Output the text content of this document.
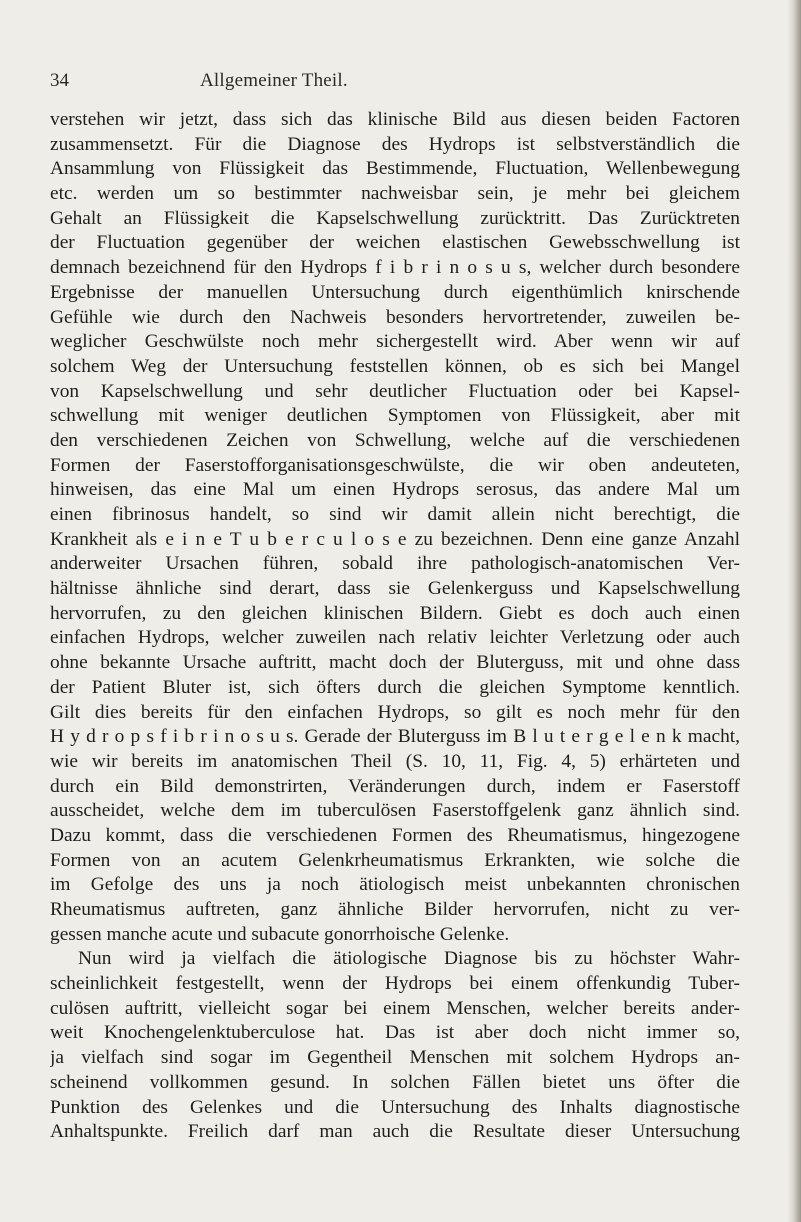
34	Allgemeiner Theil.
verstehen wir jetzt, dass sich das klinische Bild aus diesen beiden Factoren
zusammensetzt. Für die Diagnose des Hydrops ist selbstverständlich die
Ansammlung von Flüssigkeit das Bestimmende, Fluctuation, Wellenbewegung
etc. werden um so bestimmter nachweisbar sein, je mehr bei gleichem
Gehalt an Flüssigkeit die Kapselschwellung zurücktritt. Das Zurücktreten
der Fluctuation gegenüber der weichen elastischen Gewebsschwellung ist
demnach bezeichnend für den Hydrops f i b r i n o s u s, welcher durch besondere
Ergebnisse der manuellen Untersuchung durch eigenthümlich knirschende
Gefühle wie durch den Nachweis besonders hervortretender, zuweilen be-
weglicher Geschwülste noch mehr sichergestellt wird. Aber wenn wir auf
solchem Weg der Untersuchung feststellen können, ob es sich bei Mangel
von Kapselschwellung und sehr deutlicher Fluctuation oder bei Kapsel-
schwellung mit weniger deutlichen Symptomen von Flüssigkeit, aber mit
den verschiedenen Zeichen von Schwellung, welche auf die verschiedenen
Formen der Faserstofforganisationsgeschwülste, die wir oben andeuteten,
hinweisen, das eine Mal um einen Hydrops serosus, das andere Mal um
einen fibrinosus handelt, so sind wir damit allein nicht berechtigt, die
Krankheit als e i n e T u b e r c u l o s e zu bezeichnen. Denn eine ganze Anzahl
anderweiter Ursachen führen, sobald ihre pathologisch-anatomischen Ver-
hältnisse ähnliche sind derart, dass sie Gelenkerguss und Kapselschwellung
hervorrufen, zu den gleichen klinischen Bildern. Giebt es doch auch einen
einfachen Hydrops, welcher zuweilen nach relativ leichter Verletzung oder auch
ohne bekannte Ursache auftritt, macht doch der Bluterguss, mit und ohne dass
der Patient Bluter ist, sich öfters durch die gleichen Symptome kenntlich.
Gilt dies bereits für den einfachen Hydrops, so gilt es noch mehr für den
H y d r o p s f i b r i n o s u s. Gerade der Bluterguss im B l u t e r g e l e n k macht,
wie wir bereits im anatomischen Theil (S. 10, 11, Fig. 4, 5) erhärteten und
durch ein Bild demonstrirten, Veränderungen durch, indem er Faserstoff
ausscheidet, welche dem im tuberculösen Faserstoffgelenk ganz ähnlich sind.
Dazu kommt, dass die verschiedenen Formen des Rheumatismus, hingezogene
Formen von an acutem Gelenkrheumatismus Erkrankten, wie solche die
im Gefolge des uns ja noch ätiologisch meist unbekannten chronischen
Rheumatismus auftreten, ganz ähnliche Bilder hervorrufen, nicht zu ver-
gessen manche acute und subacute gonorrhoische Gelenke.
Nun wird ja vielfach die ätiologische Diagnose bis zu höchster Wahr-
scheinlichkeit festgestellt, wenn der Hydrops bei einem offenkundig Tuber-
culösen auftritt, vielleicht sogar bei einem Menschen, welcher bereits ander-
weit Knochengelenktuberculose hat. Das ist aber doch nicht immer so,
ja vielfach sind sogar im Gegentheil Menschen mit solchem Hydrops an-
scheinend vollkommen gesund. In solchen Fällen bietet uns öfter die
Punktion des Gelenkes und die Untersuchung des Inhalts diagnostische
Anhaltspunkte. Freilich darf man auch die Resultate dieser Untersuchung
